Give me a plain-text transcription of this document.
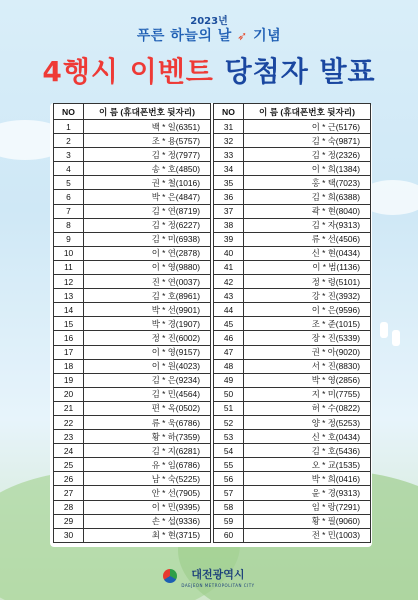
2023년
푸른 하늘의 날 ➶ 기념
4행시 이벤트 당첨자 발표
NO	이 름 (휴대폰번호 뒷자리)
1	백 * 일(6351)
2	조 * 용(5757)
3	김 * 정(7977)
4	송 * 호(4850)
5	권 * 철(1016)
6	박 * 은(4847)
7	김 * 연(8719)
8	김 * 정(6227)
9	김 * 미(6938)
10	이 * 연(2878)
11	이 * 영(9880)
12	진 * 연(0037)
13	김 * 호(8961)
14	박 * 선(9901)
15	박 * 경(1907)
16	정 * 진(6002)
17	이 * 영(9157)
18	이 * 원(4023)
19	김 * 은(9234)
20	김 * 민(4564)
21	편 * 옥(0502)
22	류 * 욱(6786)
23	황 * 하(7359)
24	김 * 지(6281)
25	유 * 임(6786)
26	남 * 숙(5225)
27	안 * 선(7905)
28	이 * 민(9395)
29	손 * 섭(9336)
30	최 * 현(3715)
NO	이 름 (휴대폰번호 뒷자리)
31	이 * 근(5176)
32	김 * 숙(9871)
33	김 * 정(2326)
34	이 * 희(1384)
35	홍 * 택(7023)
36	김 * 희(6388)
37	곽 * 현(8040)
38	김 * 자(9313)
39	류 * 선(4506)
40	신 * 현(0434)
41	이 * 범(1136)
42	정 * 령(5101)
43	강 * 진(3932)
44	이 * 은(9596)
45	조 * 준(1015)
46	장 * 진(5339)
47	권 * 아(9020)
48	서 * 진(8830)
49	박 * 영(2856)
50	지 * 미(7755)
51	허 * 수(0822)
52	양 * 정(5253)
53	신 * 호(0434)
54	김 * 호(5436)
55	오 * 교(1535)
56	박 * 희(0416)
57	윤 * 경(9313)
58	임 * 랑(7291)
59	황 * 필(9060)
60	전 * 민(1003)
대전광역시
DAEJEON METROPOLITAN CITY
